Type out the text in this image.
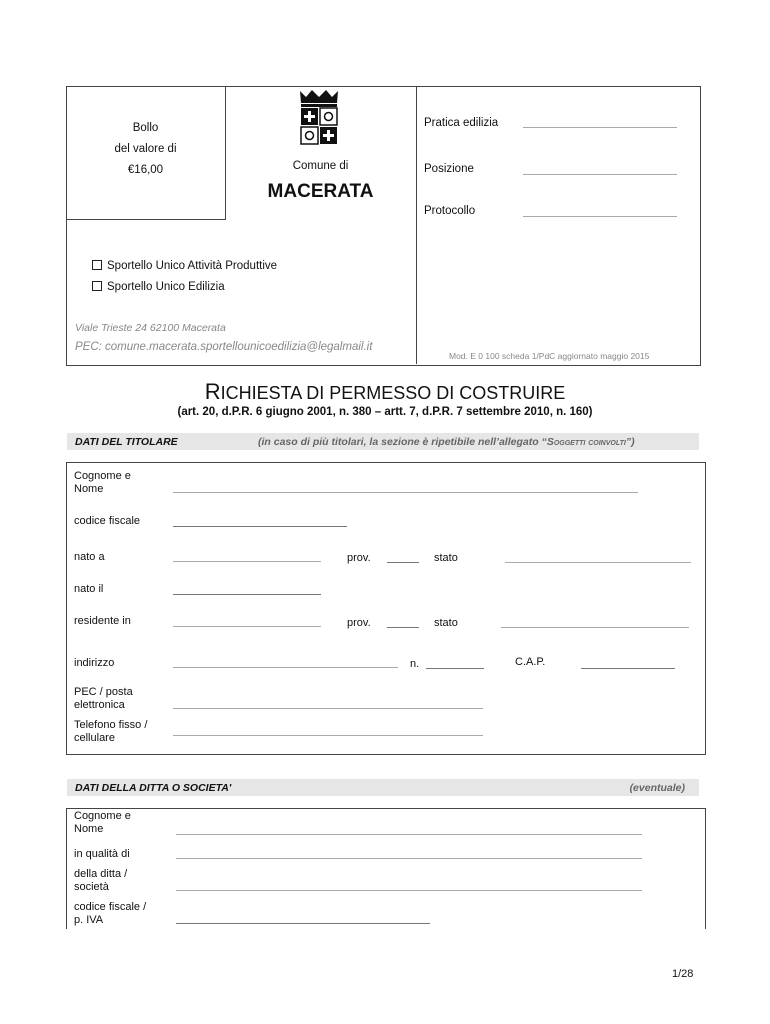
Bollo
del valore di
€16,00	Comune di
MACERATA
Pratica edilizia
Posizione
Protocollo
Sportello Unico Attività Produttive
Sportello Unico Edilizia
Viale Trieste 24 62100 Macerata
PEC: comune.macerata.sportellounicoedilizia@legalmail.it
Mod. E 0 100 scheda 1/PdC aggiornato maggio 2015
RICHIESTA DI PERMESSO DI COSTRUIRE
(art. 20, d.P.R. 6 giugno 2001, n. 380 – artt. 7, d.P.R. 7 settembre 2010, n. 160)
DATI DEL TITOLARE	(in caso di più titolari, la sezione è ripetibile nell’allegato “Soggetti coinvolti”)
Cognome e
Nome
codice fiscale
nato a	prov.	stato
nato il
residente in	prov.	stato
indirizzo	n.	C.A.P.
PEC / posta
elettronica
Telefono fisso /
cellulare
DATI DELLA DITTA O SOCIETA'	(eventuale)
Cognome e
Nome
in qualità di
della ditta /
società
codice fiscale /
p. IVA
1/28
